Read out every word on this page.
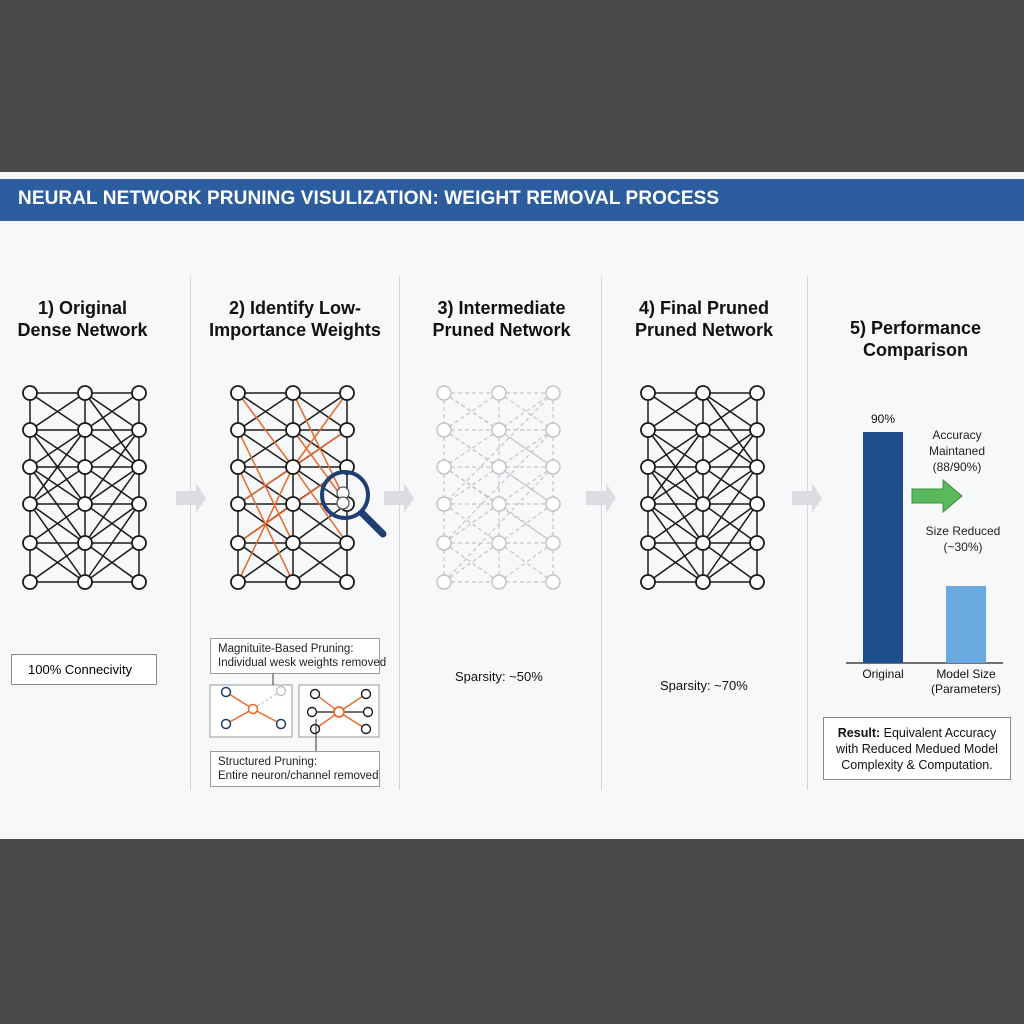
NEURAL NETWORK PRUNING VISULIZATION: WEIGHT REMOVAL PROCESS
1) Original
Dense Network
2) Identify Low-
Importance Weights
3) Intermediate
Pruned Network
4) Final Pruned
Pruned Network	5) Performance
Comparison
Original	Model Size
(Parameters)
90%
Accuracy
Maintaned
(88/90%)
Size Reduced
(~30%)
100% Connecivity
Magnituite-Based Pruning:
Individual wesk weights removed
Structured Pruning:
Entire neuron/channel removed
Sparsity: ~50%
Sparsity: ~70%
Result: Equivalent Accuracy
with Reduced Medued Model
Complexity & Computation.
